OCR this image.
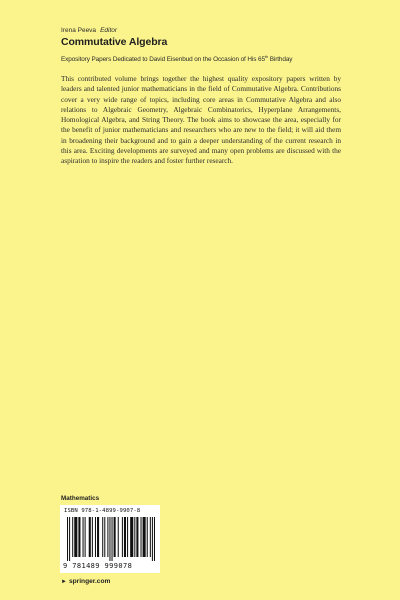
Irena Peeva Editor
Commutative Algebra
Expository Papers Dedicated to David Eisenbud on the Occasion of His 65th Birthday

This contributed volume brings together the highest quality expository papers written by leaders and talented junior mathematicians in the field of Commutative Algebra. Contributions cover a very wide range of topics, including core areas in Commutative Algebra and also relations to Algebraic Geometry, Algebraic Combinatorics, Hyperplane Arrangements, Homological Algebra, and String Theory. The book aims to showcase the area, especially for the benefit of junior mathematicians and researchers who are new to the field; it will aid them in broadening their background and to gain a deeper understanding of the current research in this area. Exciting developments are surveyed and many open problems are discussed with the aspiration to inspire the readers and foster further research.

Mathematics
ISBN 978-1-4899-9907-8
9 781489 999078
► springer.com
